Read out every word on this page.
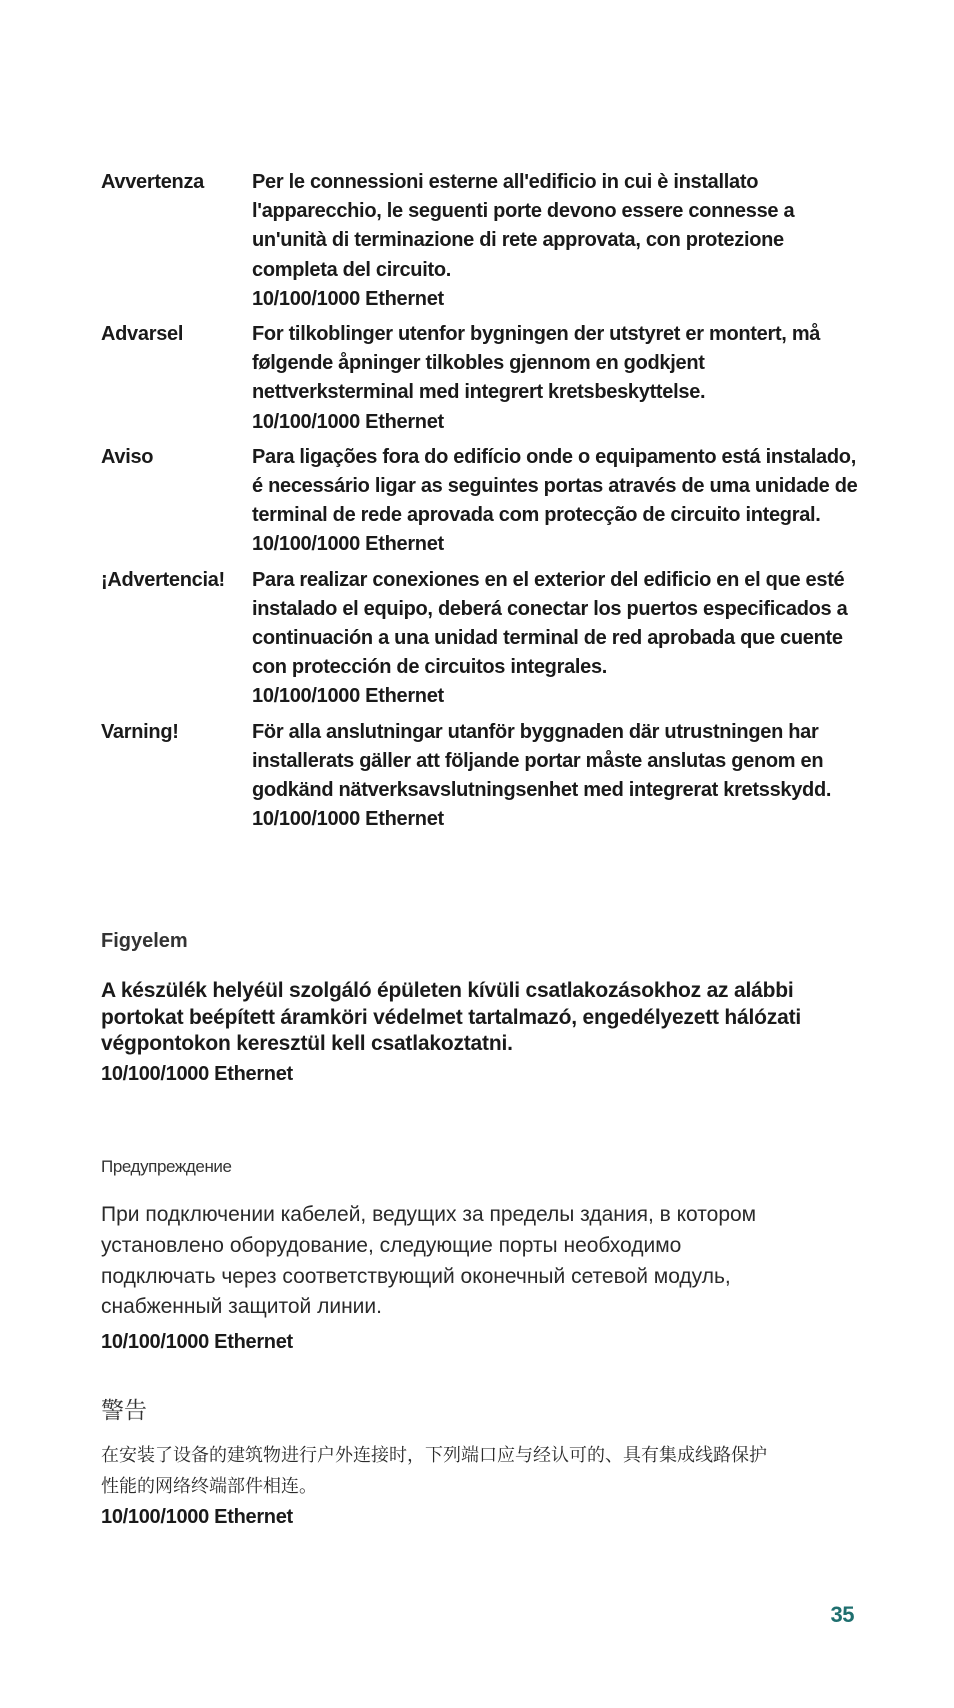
Avvertenza	Per le connessioni esterne all'edificio in cui è installato l'apparecchio, le seguenti porte devono essere connesse a un'unità di terminazione di rete approvata, con protezione completa del circuito.
10/100/1000 Ethernet
Advarsel	For tilkoblinger utenfor bygningen der utstyret er montert, må følgende åpninger tilkobles gjennom en godkjent nettverksterminal med integrert kretsbeskyttelse.
10/100/1000 Ethernet
Aviso	Para ligações fora do edifício onde o equipamento está instalado, é necessário ligar as seguintes portas através de uma unidade de terminal de rede aprovada com protecção de circuito integral.
10/100/1000 Ethernet
¡Advertencia!	Para realizar conexiones en el exterior del edificio en el que esté instalado el equipo, deberá conectar los puertos especificados a continuación a una unidad terminal de red aprobada que cuente con protección de circuitos integrales.
10/100/1000 Ethernet
Varning!	För alla anslutningar utanför byggnaden där utrustningen har installerats gäller att följande portar måste anslutas genom en godkänd nätverksavslutningsenhet med integrerat kretsskydd.
10/100/1000 Ethernet
Figyelem
A készülék helyéül szolgáló épületen kívüli csatlakozásokhoz az alábbi portokat beépített áramköri védelmet tartalmazó, engedélyezett hálózati végpontokon keresztül kell csatlakoztatni.
10/100/1000 Ethernet
Предупреждение
При подключении кабелей, ведущих за пределы здания, в котором установлено оборудование, следующие порты необходимо подключать через соответствующий оконечный сетевой модуль, снабженный защитой линии.
10/100/1000 Ethernet
警告
在安装了设备的建筑物进行户外连接时，下列端口应与经认可的、具有集成线路保护性能的网络终端部件相连。
10/100/1000 Ethernet
35
